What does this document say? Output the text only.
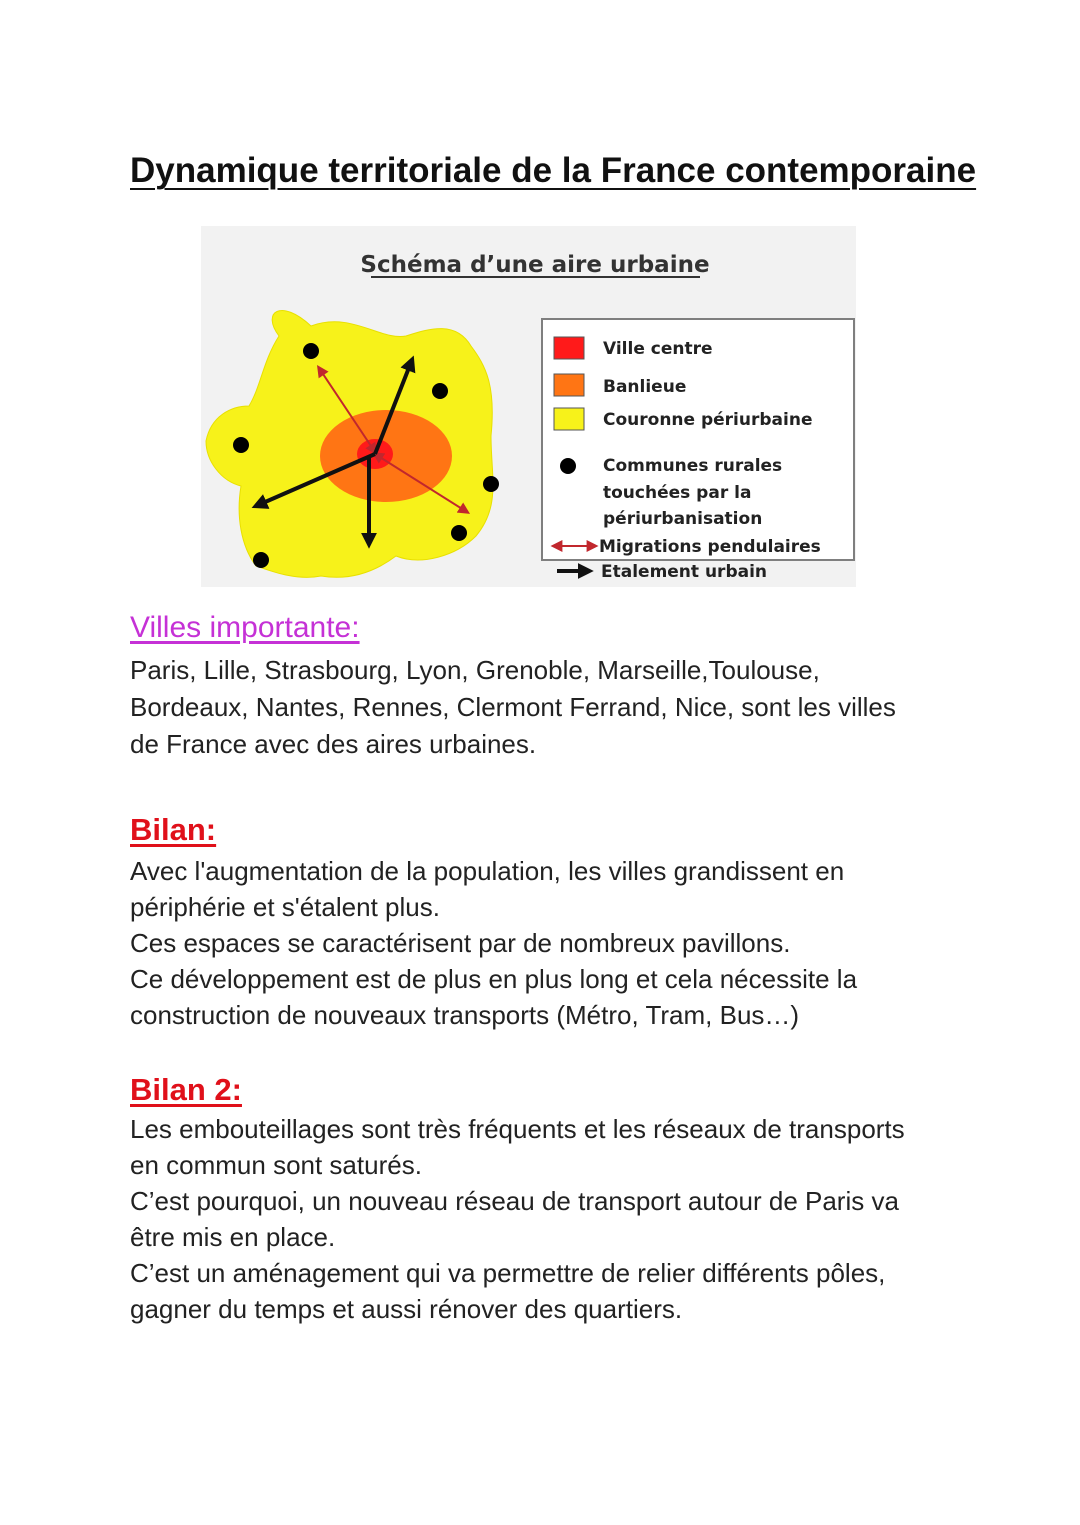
Dynamique territoriale de la France contemporaine
Schéma d’une aire urbaine
Ville centre
Banlieue
Couronne périurbaine
Communes rurales
touchées par la
périurbanisation
Migrations pendulaires
Etalement urbain
Villes importante:

Paris, Lille, Strasbourg, Lyon, Grenoble, Marseille,Toulouse,
Bordeaux, Nantes, Rennes, Clermont Ferrand, Nice, sont les villes
de France avec des aires urbaines.

Bilan:

Avec l'augmentation de la population, les villes grandissent en
périphérie et s'étalent plus.
Ces espaces se caractérisent par de nombreux pavillons.
Ce développement est de plus en plus long et cela nécessite la
construction de nouveaux transports (Métro, Tram, Bus…)

Bilan 2:

Les embouteillages sont très fréquents et les réseaux de transports
en commun sont saturés.
C’est pourquoi, un nouveau réseau de transport autour de Paris va
être mis en place.
C’est un aménagement qui va permettre de relier différents pôles,
gagner du temps et aussi rénover des quartiers.
